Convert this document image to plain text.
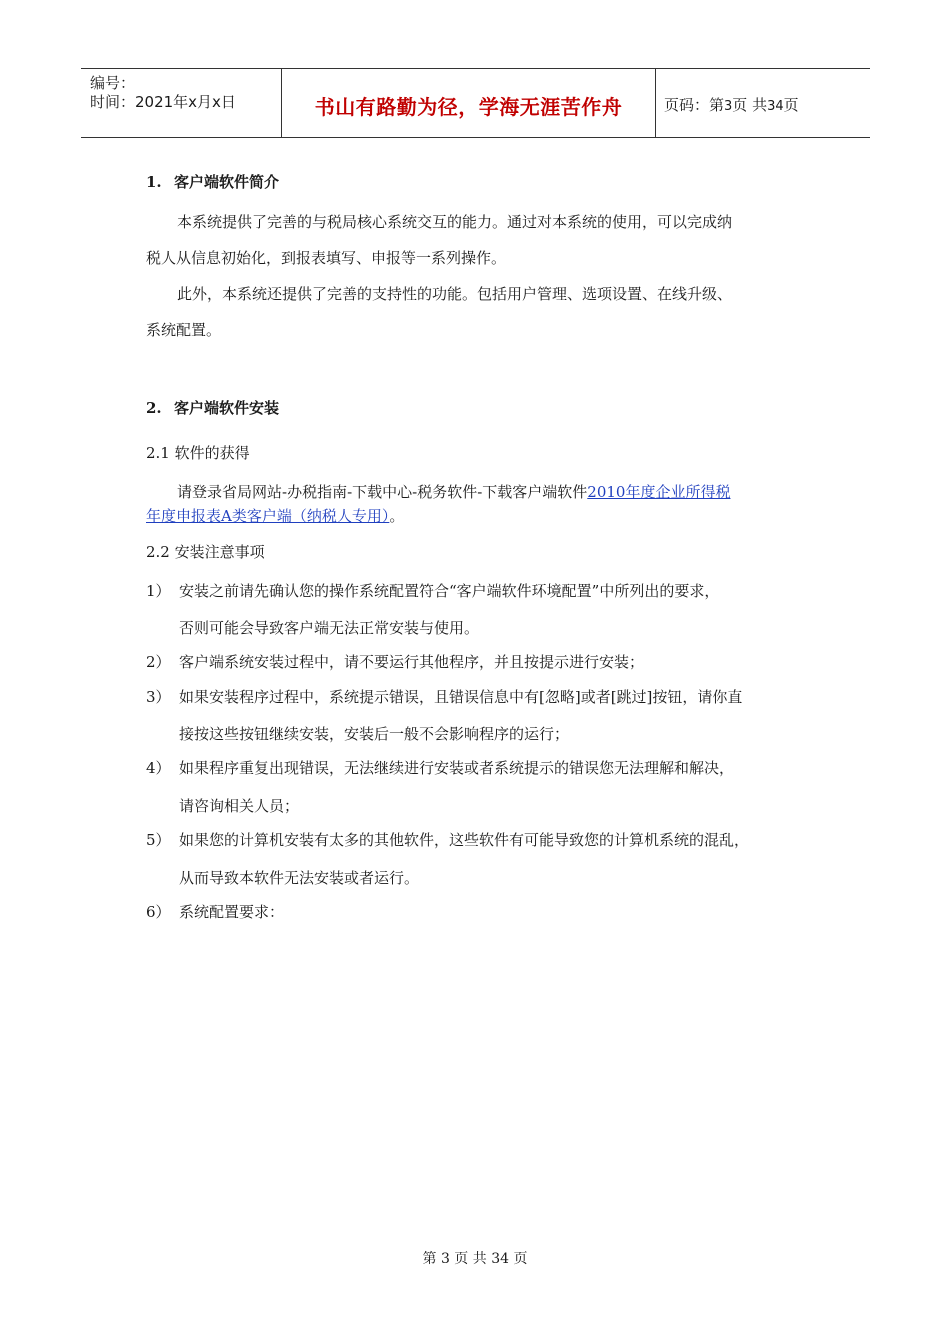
编号：
时间：2021年x月x日	书山有路勤为径，学海无涯苦作舟	页码：第3页 共34页
1. 客户端软件简介
本系统提供了完善的与税局核心系统交互的能力。通过对本系统的使用，可以完成纳
税人从信息初始化，到报表填写、申报等一系列操作。
此外，本系统还提供了完善的支持性的功能。包括用户管理、选项设置、在线升级、
系统配置。
2. 客户端软件安装
2.1 软件的获得
请登录省局网站-办税指南-下载中心-税务软件-下载客户端软件2010年度企业所得税
年度申报表A类客户端（纳税人专用）。
2.2 安装注意事项
1） 安装之前请先确认您的操作系统配置符合“客户端软件环境配置”中所列出的要求，
否则可能会导致客户端无法正常安装与使用。
2） 客户端系统安装过程中，请不要运行其他程序，并且按提示进行安装；
3） 如果安装程序过程中，系统提示错误，且错误信息中有[忽略]或者[跳过]按钮，请你直
接按这些按钮继续安装，安装后一般不会影响程序的运行；
4） 如果程序重复出现错误，无法继续进行安装或者系统提示的错误您无法理解和解决，
请咨询相关人员；
5） 如果您的计算机安装有太多的其他软件，这些软件有可能导致您的计算机系统的混乱，
从而导致本软件无法安装或者运行。
6） 系统配置要求：
第 3 页 共 34 页
